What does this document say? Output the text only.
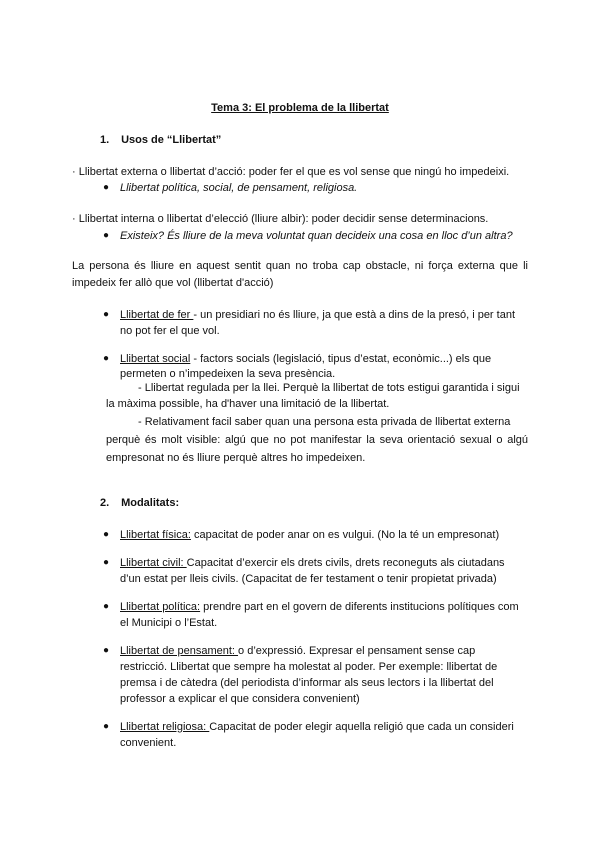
Tema 3: El problema de la llibertat
1. Usos de “Llibertat”
· Llibertat externa o llibertat d’acció: poder fer el que es vol sense que ningú ho impedeixi.
● Llibertat política, social, de pensament, religiosa.
· Llibertat interna o llibertat d’elecció (lliure albir): poder decidir sense determinacions.
● Existeix? És lliure de la meva voluntat quan decideix una cosa en lloc d’un altra?
La persona és lliure en aquest sentit quan no troba cap obstacle, ni força externa que li
impedeix fer allò que vol (llibertat d'acció)
● Llibertat de fer - un presidiari no és lliure, ja que està a dins de la presó, i per tant
no pot fer el que vol.
● Llibertat social - factors socials (legislació, tipus d’estat, econòmic...) els que
permeten o n’impedeixen la seva presència.
- Llibertat regulada per la llei. Perquè la llibertat de tots estigui garantida i sigui
la màxima possible, ha d'haver una limitació de la llibertat.
- Relativament facil saber quan una persona esta privada de llibertat externa
perquè és molt visible: algú que no pot manifestar la seva orientació sexual o algú
empresonat no és lliure perquè altres ho impedeixen.
2. Modalitats:
● Llibertat física: capacitat de poder anar on es vulgui. (No la té un empresonat)
● Llibertat civil: Capacitat d’exercir els drets civils, drets reconeguts als ciutadans
d’un estat per lleis civils. (Capacitat de fer testament o tenir propietat privada)
● Llibertat política: prendre part en el govern de diferents institucions polítiques com
el Municipi o l’Estat.
● Llibertat de pensament: o d’expressió. Expresar el pensament sense cap
restricció. Llibertat que sempre ha molestat al poder. Per exemple: llibertat de
premsa i de càtedra (del periodista d’informar als seus lectors i la llibertat del
professor a explicar el que considera convenient)
● Llibertat religiosa: Capacitat de poder elegir aquella religió que cada un consideri
convenient.
